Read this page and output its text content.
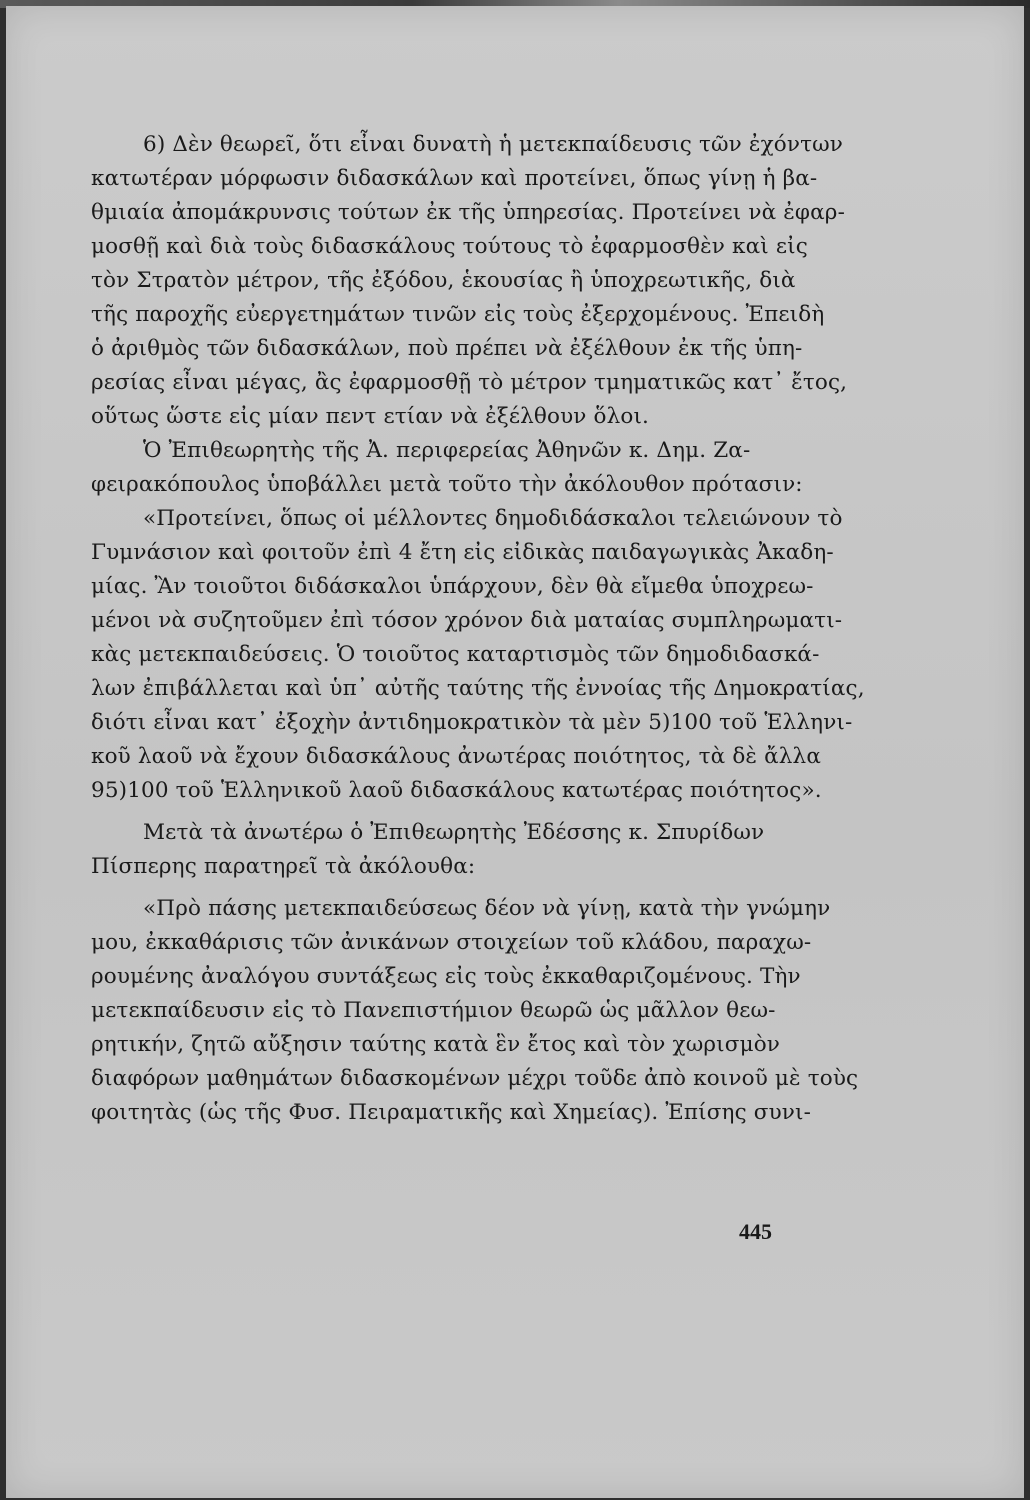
6) Δὲν θεωρεῖ, ὅτι εἶναι δυνατὴ ἡ μετεκπαίδευσις τῶν ἐχόντων
κατωτέραν μόρφωσιν διδασκάλων καὶ προτείνει, ὅπως γίνῃ ἡ βα-
θμιαία ἀπομάκρυνσις τούτων ἐκ τῆς ὑπηρεσίας. Προτείνει νὰ ἐφαρ-
μοσθῇ καὶ διὰ τοὺς διδασκάλους τούτους τὸ ἐφαρμοσθὲν καὶ εἰς
τὸν Στρατὸν μέτρον, τῆς ἐξόδου, ἑκουσίας ἢ ὑποχρεωτικῆς, διὰ
τῆς παροχῆς εὐεργετημάτων τινῶν εἰς τοὺς ἐξερχομένους. Ἐπειδὴ
ὁ ἀριθμὸς τῶν διδασκάλων, ποὺ πρέπει νὰ ἐξέλθουν ἐκ τῆς ὑπη-
ρεσίας εἶναι μέγας, ἂς ἐφαρμοσθῇ τὸ μέτρον τμηματικῶς κατ᾿ ἔτος,
οὕτως ὥστε εἰς μίαν πεντ ετίαν νὰ ἐξέλθουν ὅλοι.
Ὁ Ἐπιθεωρητὴς τῆς Ἀ. περιφερείας Ἀθηνῶν κ. Δημ. Ζα-
φειρακόπουλος ὑποβάλλει μετὰ τοῦτο τὴν ἀκόλουθον πρότασιν:
«Προτείνει, ὅπως οἱ μέλλοντες δημοδιδάσκαλοι τελειώνουν τὸ
Γυμνάσιον καὶ φοιτοῦν ἐπὶ 4 ἔτη εἰς εἰδικὰς παιδαγωγικὰς Ἀκαδη-
μίας. Ἂν τοιοῦτοι διδάσκαλοι ὑπάρχουν, δὲν θὰ εἴμεθα ὑποχρεω-
μένοι νὰ συζητοῦμεν ἐπὶ τόσον χρόνον διὰ ματαίας συμπληρωματι-
κὰς μετεκπαιδεύσεις. Ὁ τοιοῦτος καταρτισμὸς τῶν δημοδιδασκά-
λων ἐπιβάλλεται καὶ ὑπ᾿ αὐτῆς ταύτης τῆς ἐννοίας τῆς Δημοκρατίας,
διότι εἶναι κατ᾿ ἐξοχὴν ἀντιδημοκρατικὸν τὰ μὲν 5)100 τοῦ Ἑλληνι-
κοῦ λαοῦ νὰ ἔχουν διδασκάλους ἀνωτέρας ποιότητος, τὰ δὲ ἄλλα
95)100 τοῦ Ἑλληνικοῦ λαοῦ διδασκάλους κατωτέρας ποιότητος».
Μετὰ τὰ ἀνωτέρω ὁ Ἐπιθεωρητὴς Ἐδέσσης κ. Σπυρίδων
Πίσπερης παρατηρεῖ τὰ ἀκόλουθα:
«Πρὸ πάσης μετεκπαιδεύσεως δέον νὰ γίνῃ, κατὰ τὴν γνώμην
μου, ἐκκαθάρισις τῶν ἀνικάνων στοιχείων τοῦ κλάδου, παραχω-
ρουμένης ἀναλόγου συντάξεως εἰς τοὺς ἐκκαθαριζομένους. Τὴν
μετεκπαίδευσιν εἰς τὸ Πανεπιστήμιον θεωρῶ ὡς μᾶλλον θεω-
ρητικήν, ζητῶ αὔξησιν ταύτης κατὰ ἓν ἔτος καὶ τὸν χωρισμὸν
διαφόρων μαθημάτων διδασκομένων μέχρι τοῦδε ἀπὸ κοινοῦ μὲ τοὺς
φοιτητὰς (ὡς τῆς Φυσ. Πειραματικῆς καὶ Χημείας). Ἐπίσης συνι-
445
